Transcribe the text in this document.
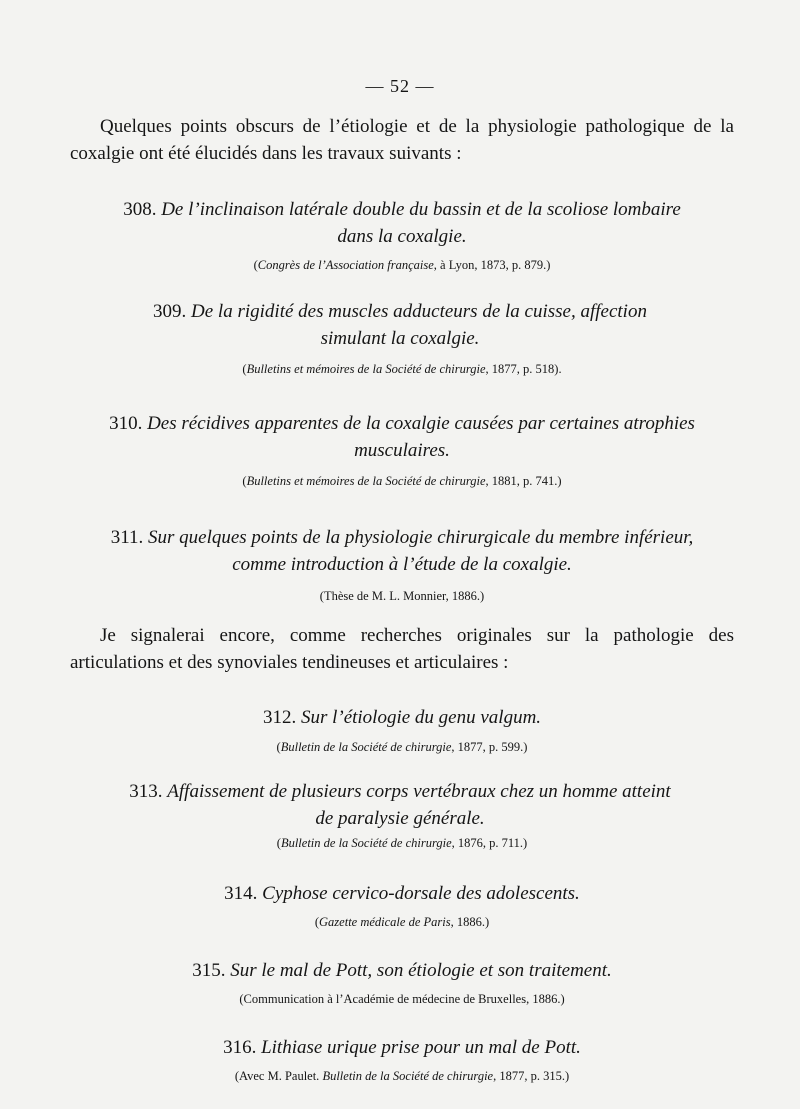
— 52 —
Quelques points obscurs de l’étiologie et de la physiologie pathologique de la coxalgie ont été élucidés dans les travaux suivants :
308. De l’inclinaison latérale double du bassin et de la scoliose lombaire
dans la coxalgie.
(Congrès de l’Association française, à Lyon, 1873, p. 879.)
309. De la rigidité des muscles adducteurs de la cuisse, affection
simulant la coxalgie.
(Bulletins et mémoires de la Société de chirurgie, 1877, p. 518).
310. Des récidives apparentes de la coxalgie causées par certaines atrophies
musculaires.
(Bulletins et mémoires de la Société de chirurgie, 1881, p. 741.)
311. Sur quelques points de la physiologie chirurgicale du membre inférieur,
comme introduction à l’étude de la coxalgie.
(Thèse de M. L. Monnier, 1886.)
Je signalerai encore, comme recherches originales sur la pathologie des articulations et des synoviales tendineuses et articulaires :
312. Sur l’étiologie du genu valgum.
(Bulletin de la Société de chirurgie, 1877, p. 599.)
313. Affaissement de plusieurs corps vertébraux chez un homme atteint
de paralysie générale.
(Bulletin de la Société de chirurgie, 1876, p. 711.)
314. Cyphose cervico-dorsale des adolescents.
(Gazette médicale de Paris, 1886.)
315. Sur le mal de Pott, son étiologie et son traitement.
(Communication à l’Académie de médecine de Bruxelles, 1886.)
316. Lithiase urique prise pour un mal de Pott.
(Avec M. Paulet. Bulletin de la Société de chirurgie, 1877, p. 315.)
